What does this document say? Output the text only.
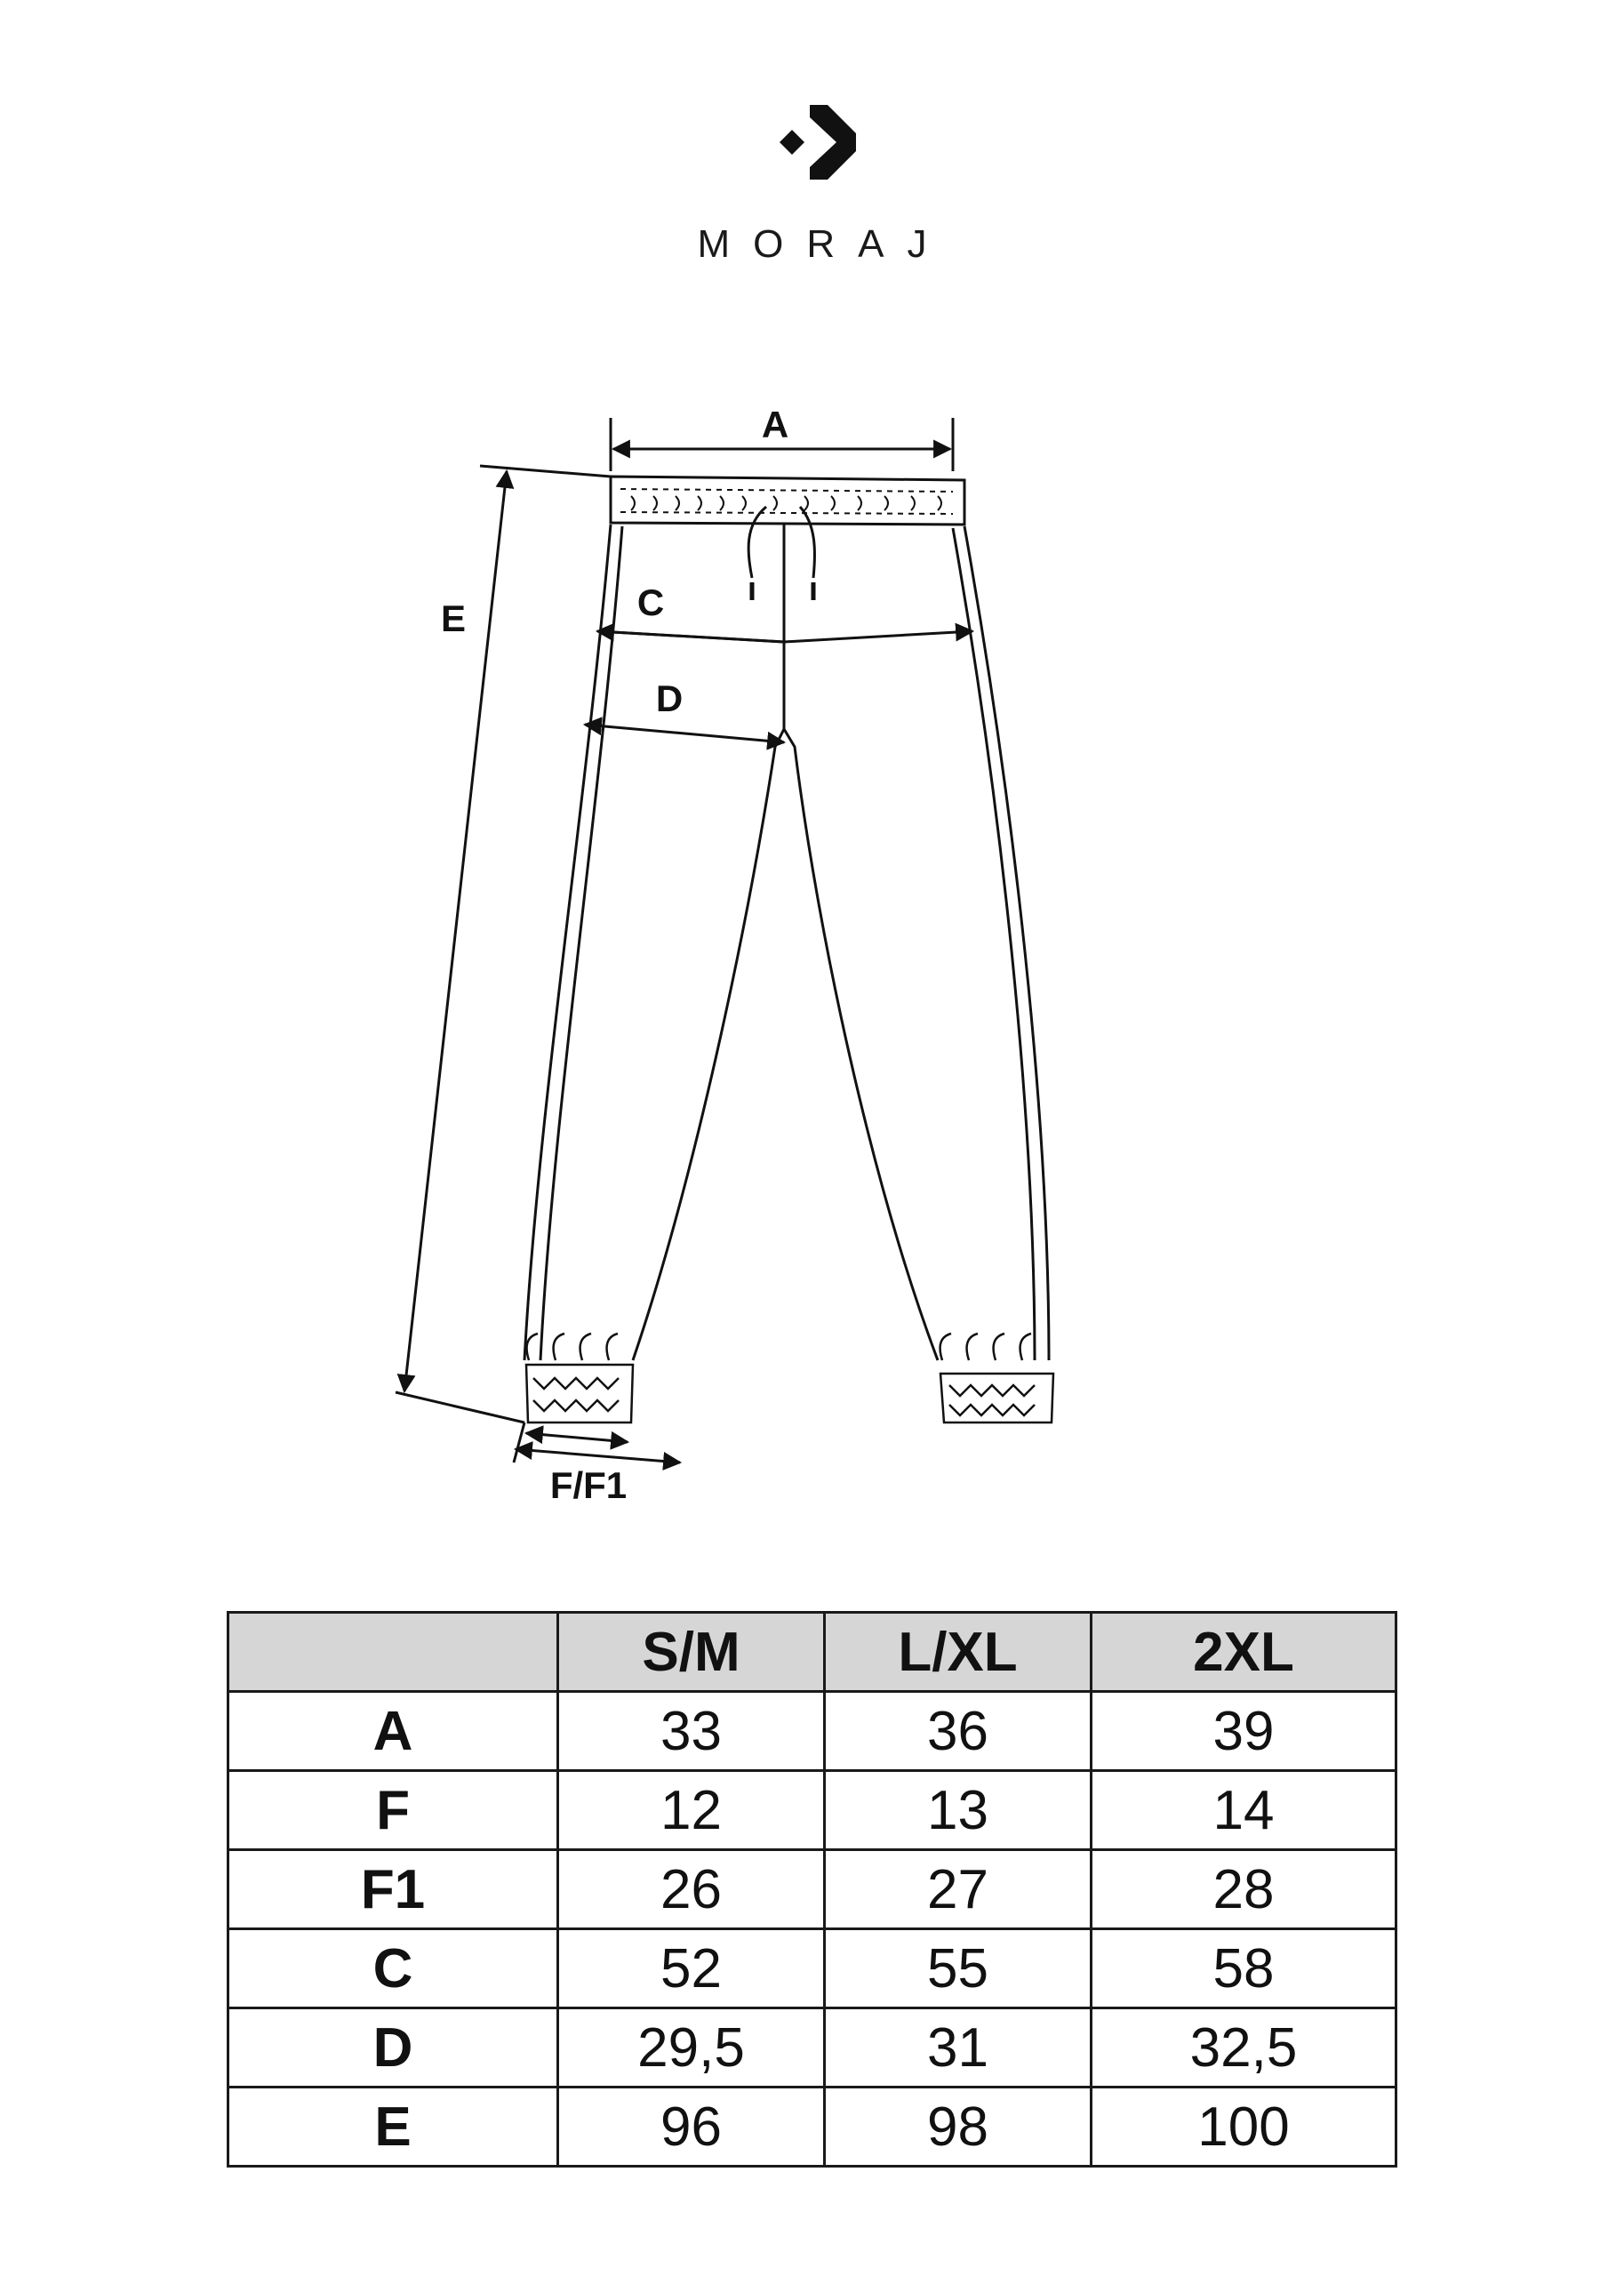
MORAJ
A
C
D
E
F/F1
	S/M	L/XL	2XL
A	33	36	39
F	12	13	14
F1	26	27	28
C	52	55	58
D	29,5	31	32,5
E	96	98	100
